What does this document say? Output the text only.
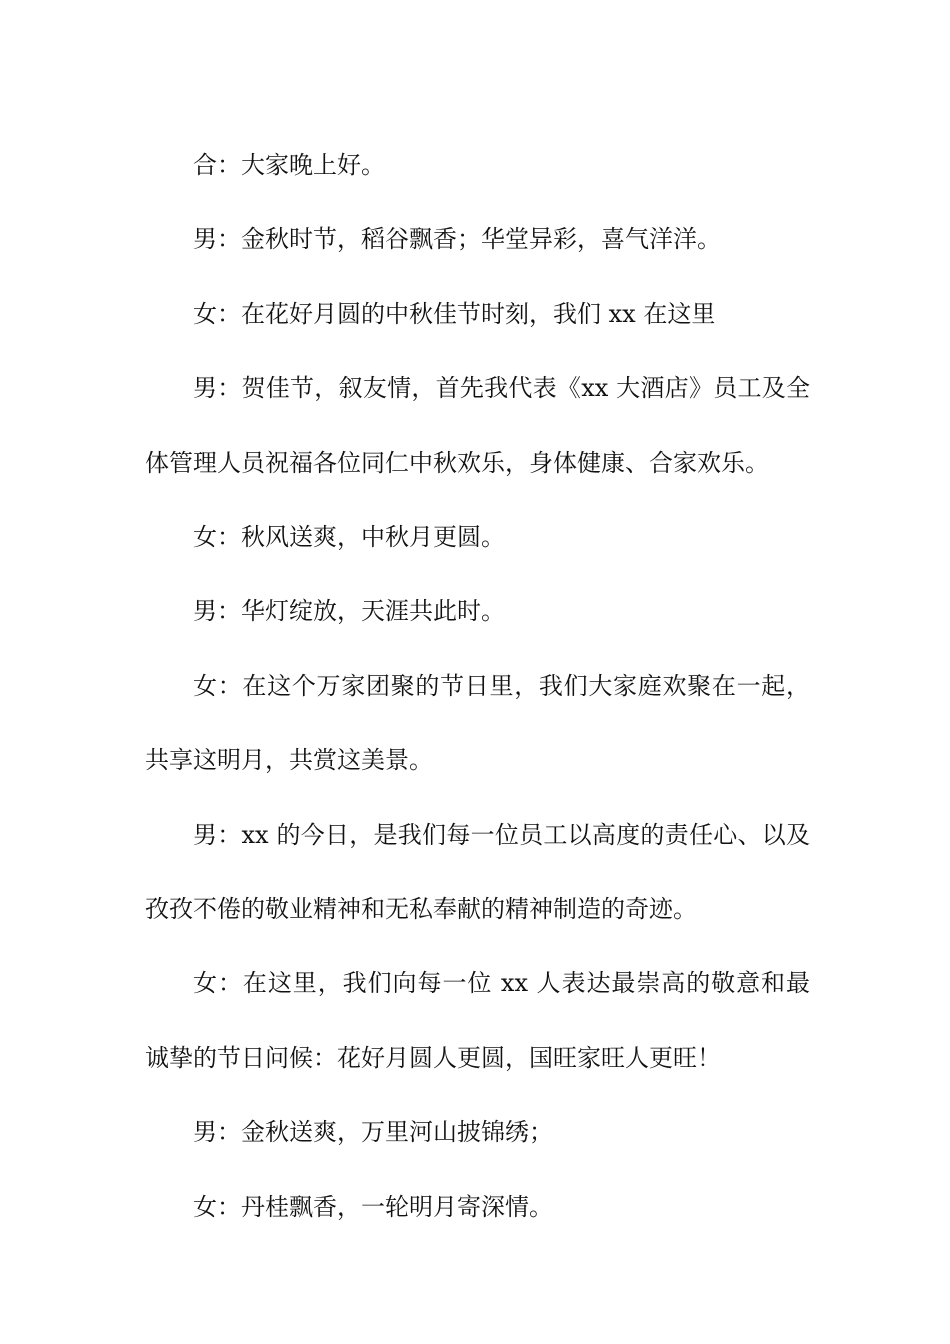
合：大家晚上好。

男：金秋时节，稻谷飘香；华堂异彩，喜气洋洋。

女：在花好月圆的中秋佳节时刻，我们 xx 在这里

男：贺佳节，叙友情，首先我代表《xx 大酒店》员工及全体管理人员祝福各位同仁中秋欢乐，身体健康、合家欢乐。

女：秋风送爽，中秋月更圆。

男：华灯绽放，天涯共此时。

女：在这个万家团聚的节日里，我们大家庭欢聚在一起，共享这明月，共赏这美景。

男：xx 的今日，是我们每一位员工以高度的责任心、以及孜孜不倦的敬业精神和无私奉献的精神制造的奇迹。

女：在这里，我们向每一位 xx 人表达最崇高的敬意和最诚挚的节日问候：花好月圆人更圆，国旺家旺人更旺！

男：金秋送爽，万里河山披锦绣；

女：丹桂飘香，一轮明月寄深情。
